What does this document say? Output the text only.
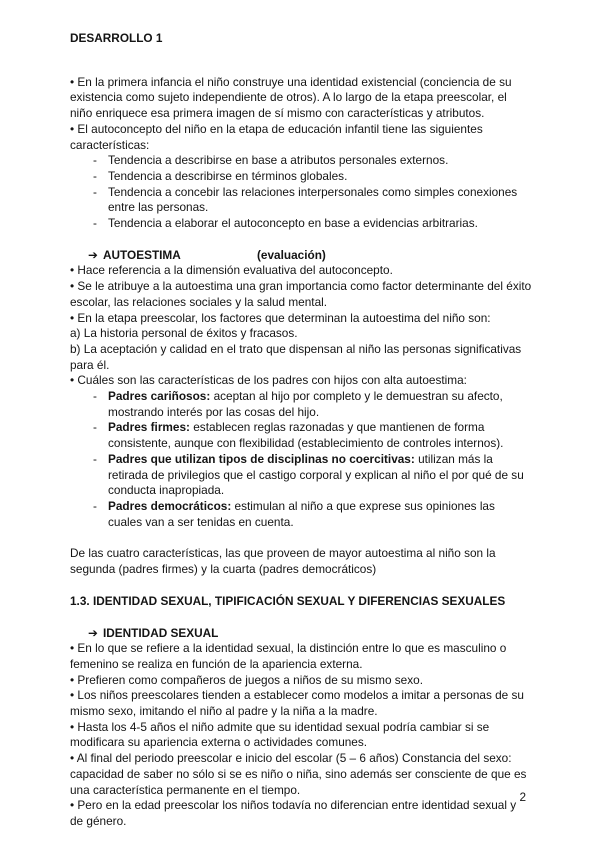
DESARROLLO 1

• En la primera infancia el niño construye una identidad existencial (conciencia de su existencia como sujeto independiente de otros). A lo largo de la etapa preescolar, el niño enriquece esa primera imagen de sí mismo con características y atributos.

• El autoconcepto del niño en la etapa de educación infantil tiene las siguientes características:

- Tendencia a describirse en base a atributos personales externos.
- Tendencia a describirse en términos globales.
- Tendencia a concebir las relaciones interpersonales como simples conexiones entre las personas.
- Tendencia a elaborar el autoconcepto en base a evidencias arbitrarias.
➔ AUTOESTIMA	(evaluación)

• Hace referencia a la dimensión evaluativa del autoconcepto.

• Se le atribuye a la autoestima una gran importancia como factor determinante del éxito escolar, las relaciones sociales y la salud mental.

• En la etapa preescolar, los factores que determinan la autoestima del niño son:

a) La historia personal de éxitos y fracasos.

b) La aceptación y calidad en el trato que dispensan al niño las personas significativas para él.

• Cuáles son las características de los padres con hijos con alta autoestima:

- Padres cariñosos: aceptan al hijo por completo y le demuestran su afecto, mostrando interés por las cosas del hijo.
- Padres firmes: establecen reglas razonadas y que mantienen de forma consistente, aunque con flexibilidad (establecimiento de controles internos).
- Padres que utilizan tipos de disciplinas no coercitivas: utilizan más la retirada de privilegios que el castigo corporal y explican al niño el por qué de su conducta inapropiada.
- Padres democráticos: estimulan al niño a que exprese sus opiniones las cuales van a ser tenidas en cuenta.

De las cuatro características, las que proveen de mayor autoestima al niño son la segunda (padres firmes) y la cuarta (padres democráticos)

1.3. IDENTIDAD SEXUAL, TIPIFICACIÓN SEXUAL Y DIFERENCIAS SEXUALES

➔ IDENTIDAD SEXUAL

• En lo que se refiere a la identidad sexual, la distinción entre lo que es masculino o femenino se realiza en función de la apariencia externa.

• Prefieren como compañeros de juegos a niños de su mismo sexo.

• Los niños preescolares tienden a establecer como modelos a imitar a personas de su mismo sexo, imitando el niño al padre y la niña a la madre.

• Hasta los 4-5 años el niño admite que su identidad sexual podría cambiar si se modificara su apariencia externa o actividades comunes.

• Al final del periodo preescolar e inicio del escolar (5 – 6 años) Constancia del sexo: capacidad de saber no sólo si se es niño o niña, sino además ser consciente de que es una característica permanente en el tiempo.

• Pero en la edad preescolar los niños todavía no diferencian entre identidad sexual y de género.

2
